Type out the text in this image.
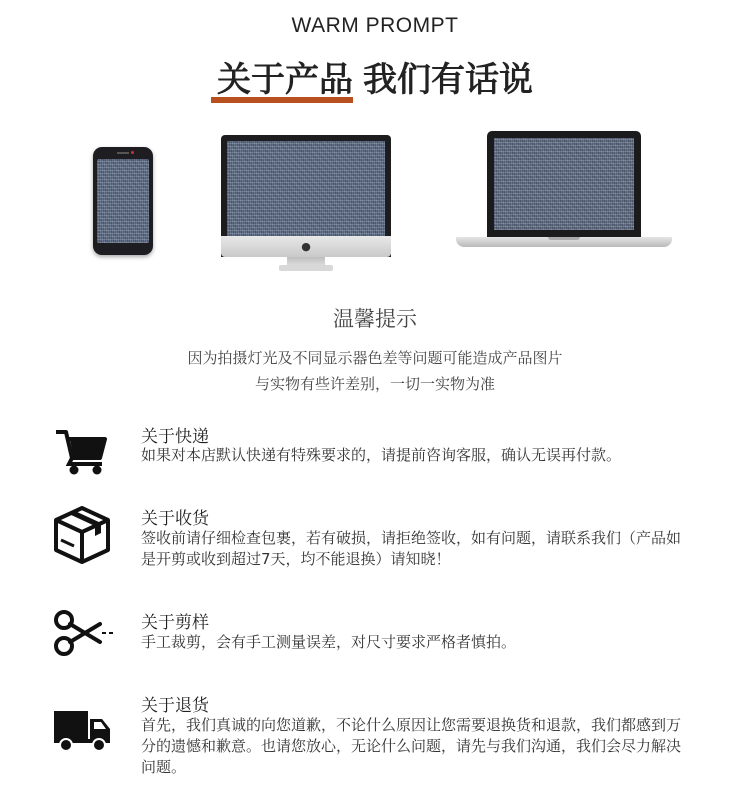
WARM PROMPT
关于产品 我们有话说
●
温馨提示
因为拍摄灯光及不同显示器色差等问题可能造成产品图片
与实物有些许差别，一切一实物为准
关于快递
如果对本店默认快递有特殊要求的，请提前咨询客服，确认无误再付款。
关于收货
签收前请仔细检查包裹，若有破损，请拒绝签收，如有问题，请联系我们（产品如是开剪或收到超过7天，均不能退换）请知晓！
关于剪样
手工裁剪，会有手工测量误差，对尺寸要求严格者慎拍。
关于退货
首先，我们真诚的向您道歉，不论什么原因让您需要退换货和退款，我们都感到万分的遗憾和歉意。也请您放心，无论什么问题，请先与我们沟通，我们会尽力解决问题。
